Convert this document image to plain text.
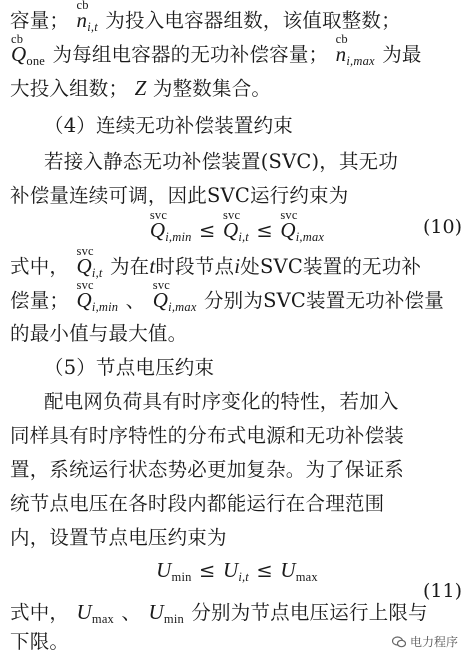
容量； n
cb
i,t 为投入电容器组数，该值取整数；
Q
cb
one 为每组电容器的无功补偿容量； n
cb
i,max 为最
大投入组数； Z 为整数集合。
（4）连续无功补偿装置约束
若接入静态无功补偿装置(SVC)，其无功
补偿量连续可调，因此SVC运行约束为
Q
svc
i,min ≤ Q
svc
i,t ≤ Q
svc
i,max	(10)
式中， Q
svc
i,t 为在t时段节点i处SVC装置的无功补
偿量； Q
svc
i,min 、 Q
svc
i,max 分别为SVC装置无功补偿量
的最小值与最大值。
（5）节点电压约束
配电网负荷具有时序变化的特性，若加入
同样具有时序特性的分布式电源和无功补偿装
置，系统运行状态势必更加复杂。为了保证系
统节点电压在各时段内都能运行在合理范围
内，设置节点电压约束为
Umin ≤ Ui,t ≤ Umax
(11)
式中， Umax 、 Umin 分别为节点电压运行上限与
下限。	电力程序
